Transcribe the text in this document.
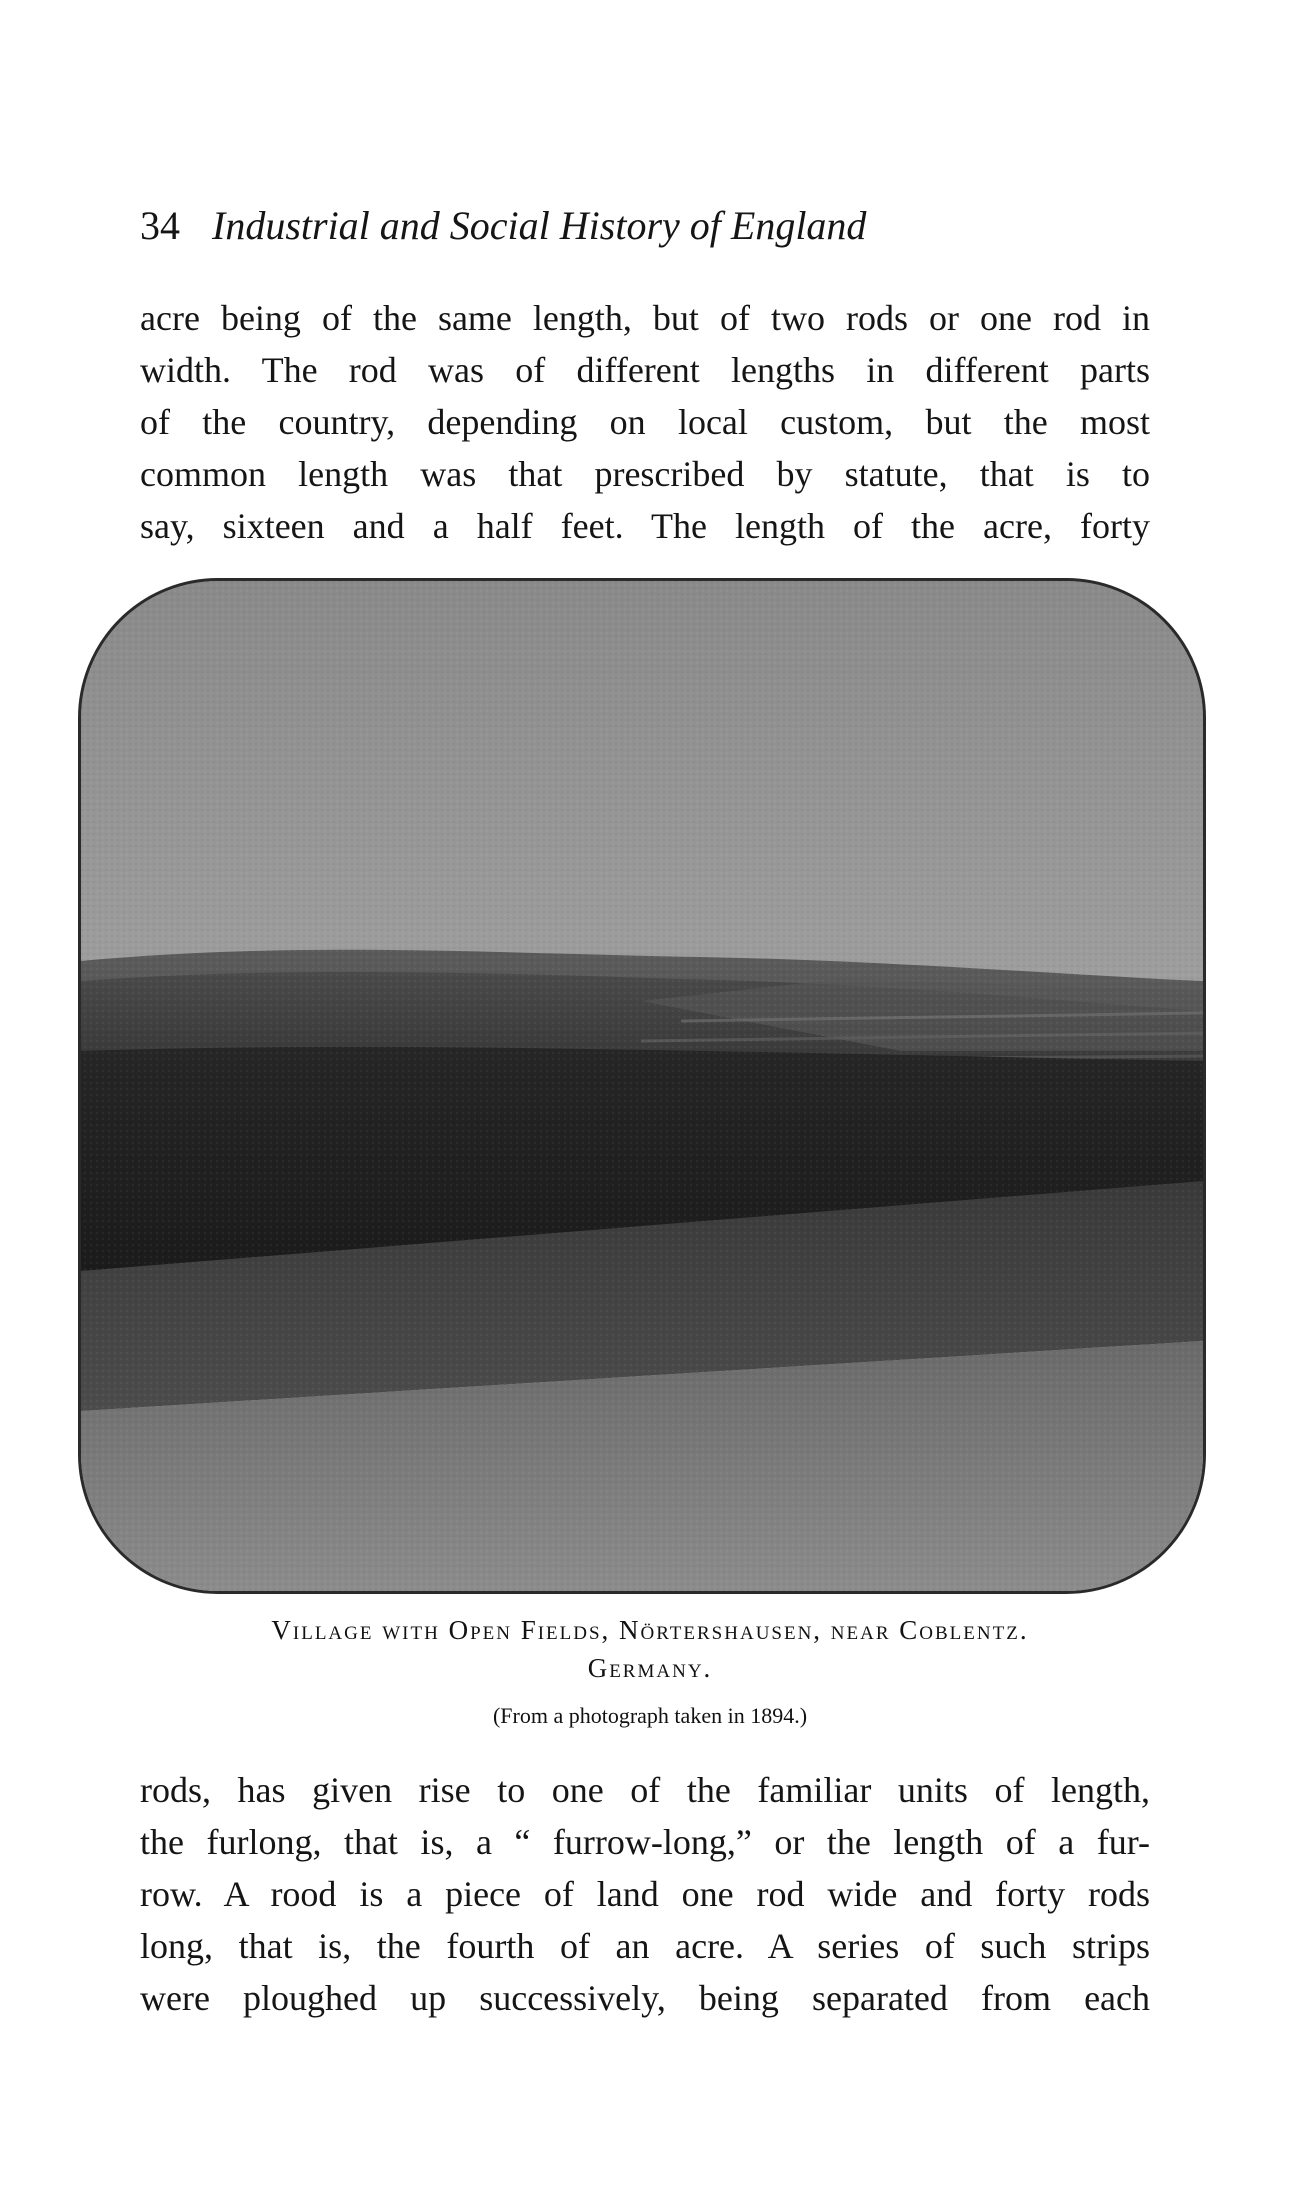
34 Industrial and Social History of England
acre being of the same length, but of two rods or one rod in
width. The rod was of different lengths in different parts
of the country, depending on local custom, but the most
common length was that prescribed by statute, that is to
say, sixteen and a half feet. The length of the acre, forty
Village with Open Fields, Nörtershausen, near Coblentz.
Germany.
(From a photograph taken in 1894.)
rods, has given rise to one of the familiar units of length,
the furlong, that is, a “ furrow-long,” or the length of a fur-
row. A rood is a piece of land one rod wide and forty rods
long, that is, the fourth of an acre. A series of such strips
were ploughed up successively, being separated from each
